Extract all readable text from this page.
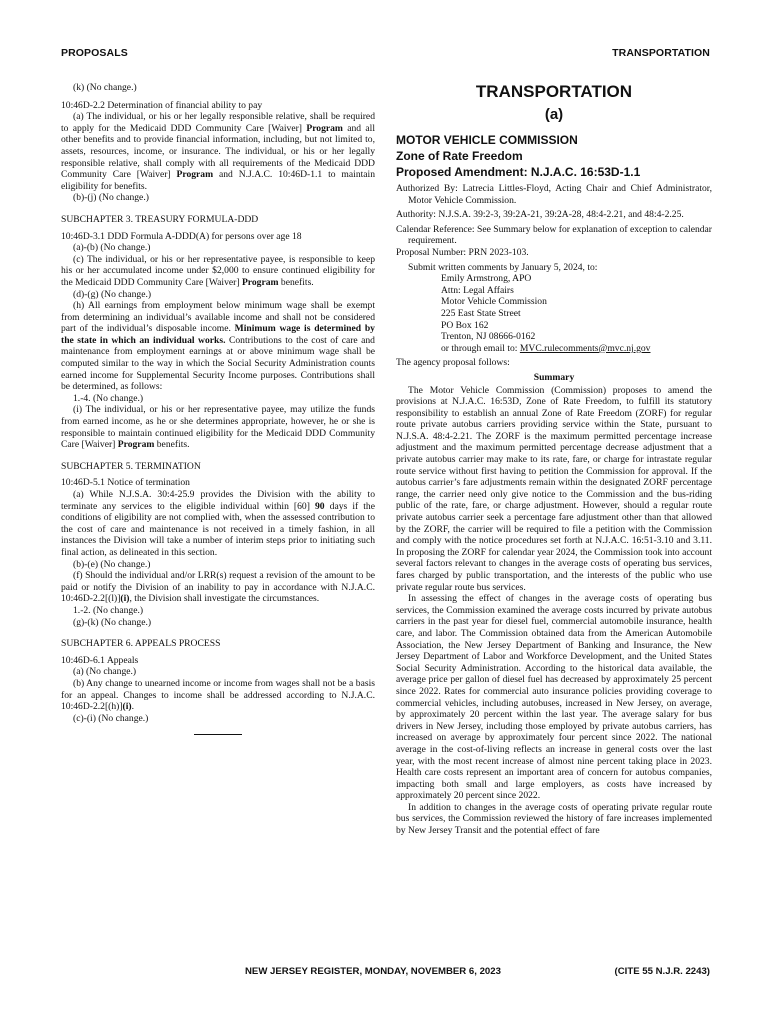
PROPOSALS	TRANSPORTATION

(k) (No change.)

10:46D-2.2 Determination of financial ability to pay

(a) The individual, or his or her legally responsible relative, shall be required to apply for the Medicaid DDD Community Care [Waiver] Program and all other benefits and to provide financial information, including, but not limited to, assets, resources, income, or insurance. The individual, or his or her legally responsible relative, shall comply with all requirements of the Medicaid DDD Community Care [Waiver] Program and N.J.A.C. 10:46D-1.1 to maintain eligibility for benefits.

(b)-(j) (No change.)

SUBCHAPTER 3. TREASURY FORMULA-DDD

10:46D-3.1 DDD Formula A-DDD(A) for persons over age 18

(a)-(b) (No change.)

(c) The individual, or his or her representative payee, is responsible to keep his or her accumulated income under $2,000 to ensure continued eligibility for the Medicaid DDD Community Care [Waiver] Program benefits.

(d)-(g) (No change.)

(h) All earnings from employment below minimum wage shall be exempt from determining an individual’s available income and shall not be considered part of the individual’s disposable income. Minimum wage is determined by the state in which an individual works. Contributions to the cost of care and maintenance from employment earnings at or above minimum wage shall be computed similar to the way in which the Social Security Administration counts earned income for Supplemental Security Income purposes. Contributions shall be determined, as follows:

1.-4. (No change.)

(i) The individual, or his or her representative payee, may utilize the funds from earned income, as he or she determines appropriate, however, he or she is responsible to maintain continued eligibility for the Medicaid DDD Community Care [Waiver] Program benefits.

SUBCHAPTER 5. TERMINATION

10:46D-5.1 Notice of termination

(a) While N.J.S.A. 30:4-25.9 provides the Division with the ability to terminate any services to the eligible individual within [60] 90 days if the conditions of eligibility are not complied with, when the assessed contribution to the cost of care and maintenance is not received in a timely fashion, in all instances the Division will take a number of interim steps prior to initiating such final action, as delineated in this section.

(b)-(e) (No change.)

(f) Should the individual and/or LRR(s) request a revision of the amount to be paid or notify the Division of an inability to pay in accordance with N.J.A.C. 10:46D-2.2[(l)](i), the Division shall investigate the circumstances.

1.-2. (No change.)

(g)-(k) (No change.)

SUBCHAPTER 6. APPEALS PROCESS

10:46D-6.1 Appeals

(a) (No change.)

(b) Any change to unearned income or income from wages shall not be a basis for an appeal. Changes to income shall be addressed according to N.J.A.C. 10:46D-2.2[(h)](i).

(c)-(i) (No change.)

TRANSPORTATION

(a)

MOTOR VEHICLE COMMISSION

Zone of Rate Freedom

Proposed Amendment: N.J.A.C. 16:53D-1.1

Authorized By: Latrecia Littles-Floyd, Acting Chair and Chief Administrator, Motor Vehicle Commission.

Authority: N.J.S.A. 39:2-3, 39:2A-21, 39:2A-28, 48:4-2.21, and 48:4-2.25.

Calendar Reference: See Summary below for explanation of exception to calendar requirement.

Proposal Number: PRN 2023-103.

Submit written comments by January 5, 2024, to:

Emily Armstrong, APO

Attn: Legal Affairs

Motor Vehicle Commission

225 East State Street

PO Box 162

Trenton, NJ 08666-0162

or through email to: MVC.rulecomments@mvc.nj.gov

The agency proposal follows:

Summary

The Motor Vehicle Commission (Commission) proposes to amend the provisions at N.J.A.C. 16:53D, Zone of Rate Freedom, to fulfill its statutory responsibility to establish an annual Zone of Rate Freedom (ZORF) for regular route private autobus carriers providing service within the State, pursuant to N.J.S.A. 48:4-2.21. The ZORF is the maximum permitted percentage increase adjustment and the maximum permitted percentage decrease adjustment that a private autobus carrier may make to its rate, fare, or charge for intrastate regular route service without first having to petition the Commission for approval. If the autobus carrier’s fare adjustments remain within the designated ZORF percentage range, the carrier need only give notice to the Commission and the bus-riding public of the rate, fare, or charge adjustment. However, should a regular route private autobus carrier seek a percentage fare adjustment other than that allowed by the ZORF, the carrier will be required to file a petition with the Commission and comply with the notice procedures set forth at N.J.A.C. 16:51-3.10 and 3.11. In proposing the ZORF for calendar year 2024, the Commission took into account several factors relevant to changes in the average costs of operating bus services, fares charged by public transportation, and the interests of the public who use private regular route bus services.

In assessing the effect of changes in the average costs of operating bus services, the Commission examined the average costs incurred by private autobus carriers in the past year for diesel fuel, commercial automobile insurance, health care, and labor. The Commission obtained data from the American Automobile Association, the New Jersey Department of Banking and Insurance, the New Jersey Department of Labor and Workforce Development, and the United States Social Security Administration. According to the historical data available, the average price per gallon of diesel fuel has decreased by approximately 25 percent since 2022. Rates for commercial auto insurance policies providing coverage to commercial vehicles, including autobuses, increased in New Jersey, on average, by approximately 20 percent within the last year. The average salary for bus drivers in New Jersey, including those employed by private autobus carriers, has increased on average by approximately four percent since 2022. The national average in the cost-of-living reflects an increase in general costs over the last year, with the most recent increase of almost nine percent taking place in 2023. Health care costs represent an important area of concern for autobus companies, impacting both small and large employers, as costs have increased by approximately 20 percent since 2022.

In addition to changes in the average costs of operating private regular route bus services, the Commission reviewed the history of fare increases implemented by New Jersey Transit and the potential effect of fare

NEW JERSEY REGISTER, MONDAY, NOVEMBER 6, 2023	(CITE 55 N.J.R. 2243)
